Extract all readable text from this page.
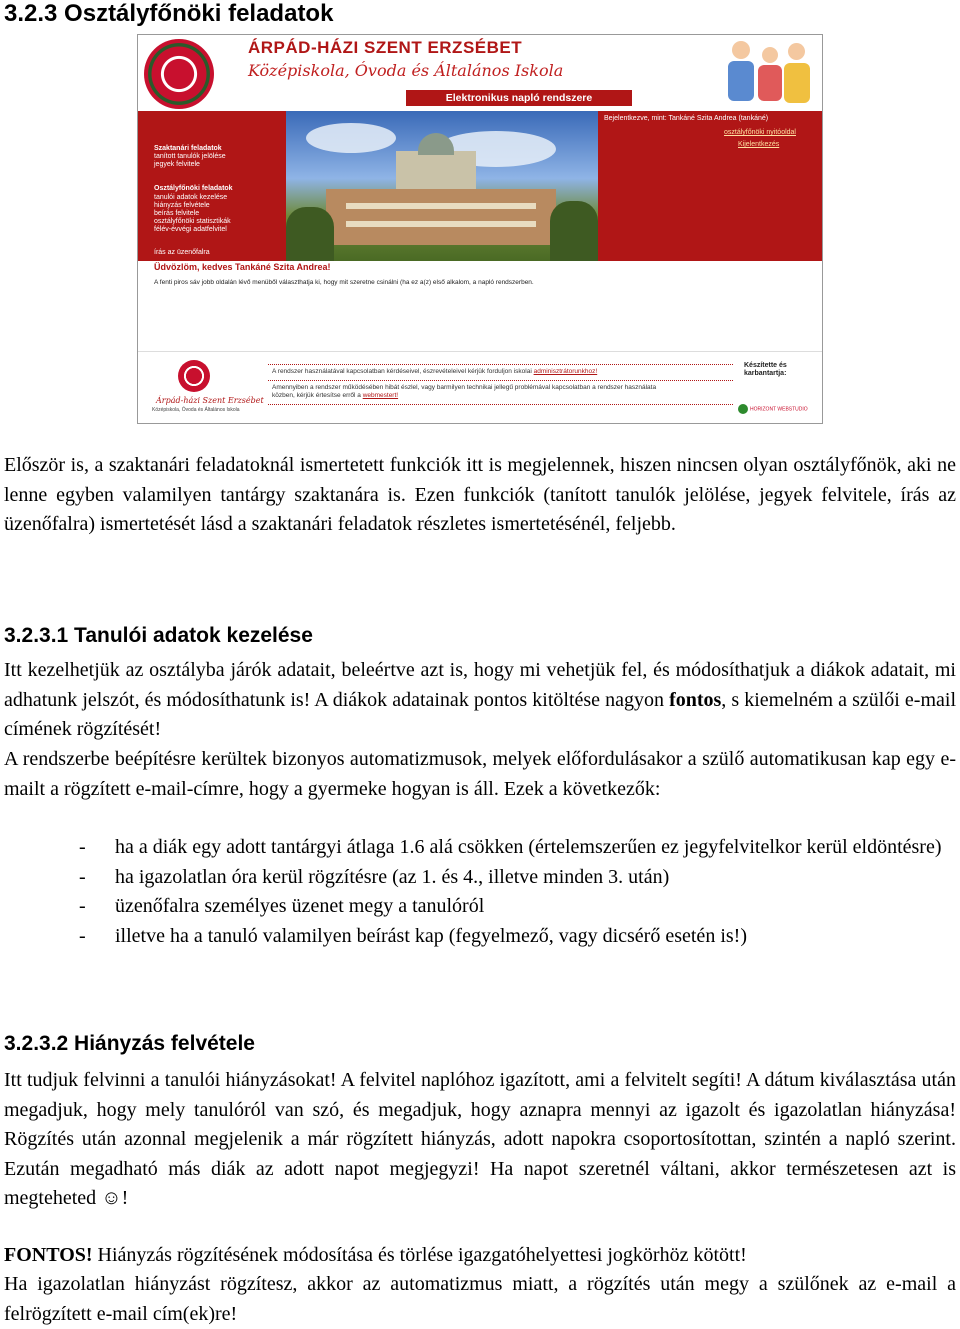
3.2.3 Osztályfőnöki feladatok
ÁRPÁD-HÁZI SZENT ERZSÉBET
Középiskola, Óvoda és Általános Iskola
Elektronikus napló rendszere
Szaktanári feladatok
tanított tanulók jelölése
jegyek felvitele
Osztályfőnöki feladatok
tanulói adatok kezelése
hiányzás felvétele
beírás felvitele
osztályfőnöki statisztikák
félév-évvégi adatfelvitel
írás az üzenőfalra
Bejelentkezve, mint: Tankáné Szita Andrea (tankáné)
osztályfőnöki nyitóoldal
Kijelentkezés
Üdvözlöm, kedves Tankáné Szita Andrea!
A fenti piros sáv jobb oldalán lévő menüből választhatja ki, hogy mit szeretne csinálni (ha ez a(z) első alkalom, a napló rendszerben.
Árpád-házi Szent Erzsébet
Középiskola, Óvoda és Általános Iskola
A rendszer használatával kapcsolatban kérdéseivel, észrevételeivel kérjük forduljon iskolai adminisztrátorunkhoz!
Amennyiben a rendszer működésében hibát észlel, vagy barmilyen technikai jellegű problémával kapcsolatban a rendszer használata
közben, kérjük értesítse erről a webmestert!
Készítette és
karbantartja:
HORIZONT WEBSTUDIO

Először is, a szaktanári feladatoknál ismertetett funkciók itt is megjelennek, hiszen nincsen olyan osztályfőnök, aki ne lenne egyben valamilyen tantárgy szaktanára is. Ezen funkciók (tanított tanulók jelölése, jegyek felvitele, írás az üzenőfalra) ismertetését lásd a szaktanári feladatok részletes ismertetésénél, feljebb.

3.2.3.1 Tanulói adatok kezelése

Itt kezelhetjük az osztályba járók adatait, beleértve azt is, hogy mi vehetjük fel, és módosíthatjuk a diákok adatait, mi adhatunk jelszót, és módosíthatunk is! A diákok adatainak pontos kitöltése nagyon fontos, s kiemelném a szülői e-mail címének rögzítését!

A rendszerbe beépítésre kerültek bizonyos automatizmusok, melyek előfordulásakor a szülő automatikusan kap egy e-mailt a rögzített e-mail-címre, hogy a gyermeke hogyan is áll. Ezek a következők:

- ha a diák egy adott tantárgyi átlaga 1.6 alá csökken (értelemszerűen ez jegyfelvitelkor kerül eldöntésre)
- ha igazolatlan óra kerül rögzítésre (az 1. és 4., illetve minden 3. után)
- üzenőfalra személyes üzenet megy a tanulóról
- illetve ha a tanuló valamilyen beírást kap (fegyelmező, vagy dicsérő esetén is!)
3.2.3.2 Hiányzás felvétele

Itt tudjuk felvinni a tanulói hiányzásokat! A felvitel naplóhoz igazított, ami a felvitelt segíti! A dátum kiválasztása után megadjuk, hogy mely tanulóról van szó, és megadjuk, hogy aznapra mennyi az igazolt és igazolatlan hiányzása! Rögzítés után azonnal megjelenik a már rögzített hiányzás, adott napokra csoportosítottan, szintén a napló szerint. Ezután megadható más diák az adott napot megjegyzi! Ha napot szeretnél váltani, akkor természetesen azt is megteheted ☺!

FONTOS! Hiányzás rögzítésének módosítása és törlése igazgatóhelyettesi jogkörhöz kötött!

Ha igazolatlan hiányzást rögzítesz, akkor az automatizmus miatt, a rögzítés után megy a szülőnek az e-mail a felrögzített e-mail cím(ek)re!
